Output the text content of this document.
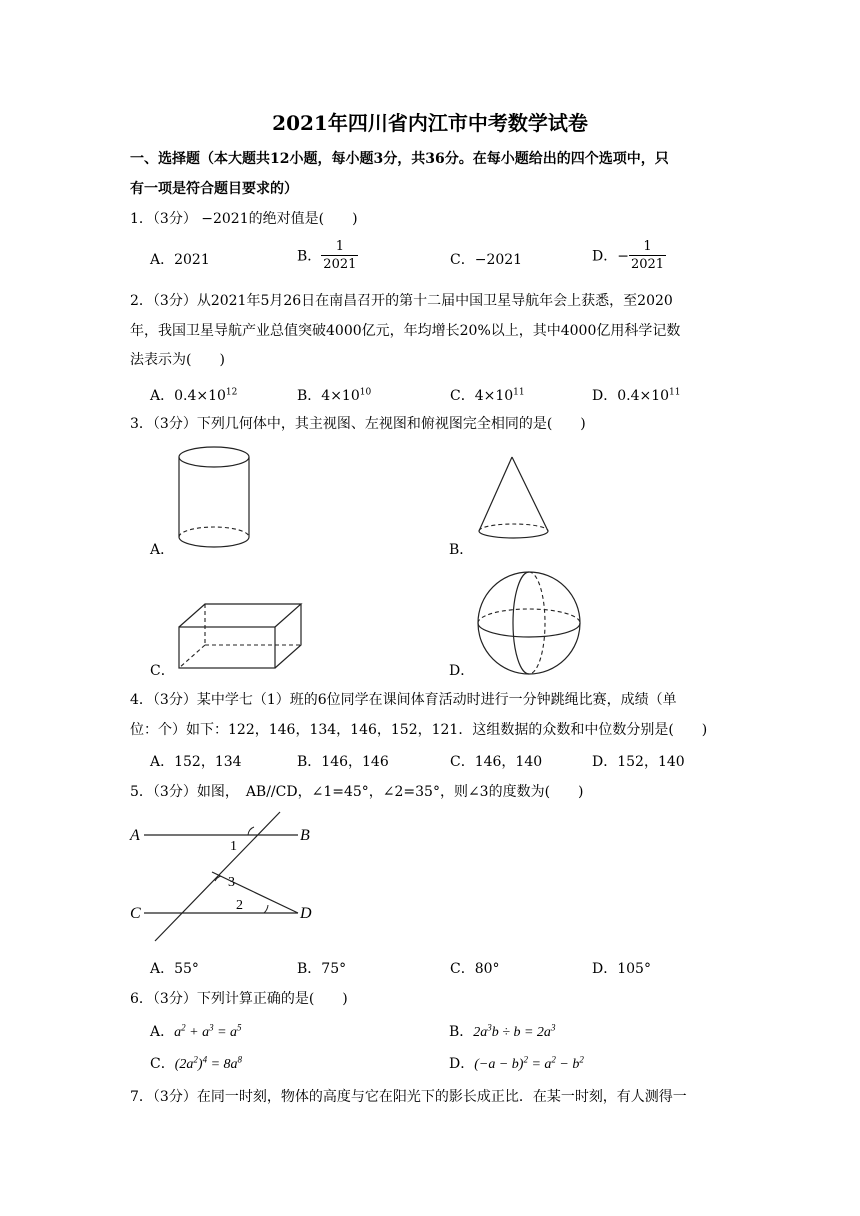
2021年四川省内江市中考数学试卷
一、选择题（本大题共12小题，每小题3分，共36分。在每小题给出的四个选项中，只
有一项是符合题目要求的）
1．（3分） −2021的绝对值是(　　)
A．2021	B． $\frac{1}{2021}$	C．−2021	D．− $\frac{1}{2021}$
2．（3分）从2021年5月26日在南昌召开的第十二届中国卫星导航年会上获悉，至2020
年，我国卫星导航产业总值突破4000亿元，年均增长20%以上，其中4000亿用科学记数
法表示为(　　)
A．$0.4\times 10^{12}$	B．$4\times 10^{10}$	C．$4\times 10^{11}$	D．$0.4\times 10^{11}$
3．（3分）下列几何体中，其主视图、左视图和俯视图完全相同的是(　　)
A．	B．
C．	D．
4．（3分）某中学七（1）班的6位同学在课间体育活动时进行一分钟跳绳比赛，成绩（单
位：个）如下：122，146，134，146，152，121．这组数据的众数和中位数分别是(　　)
A．152，134	B．146，146	C．146，140	D．152，140
5．（3分）如图，　AB//CD，∠1=45°，∠2=35°，则∠3的度数为(　　)
A	B
C	D
1
3
2
A．55°	B．75°	C．80°	D．105°
6．（3分）下列计算正确的是(　　)
A．$a^2 + a^3 = a^5$	B．$2a^3b \div b = 2a^3$
C．$(2a^2)^4 = 8a^8$	D．$(-a - b)^2 = a^2 - b^2$
7．（3分）在同一时刻，物体的高度与它在阳光下的影长成正比．在某一时刻，有人测得一
